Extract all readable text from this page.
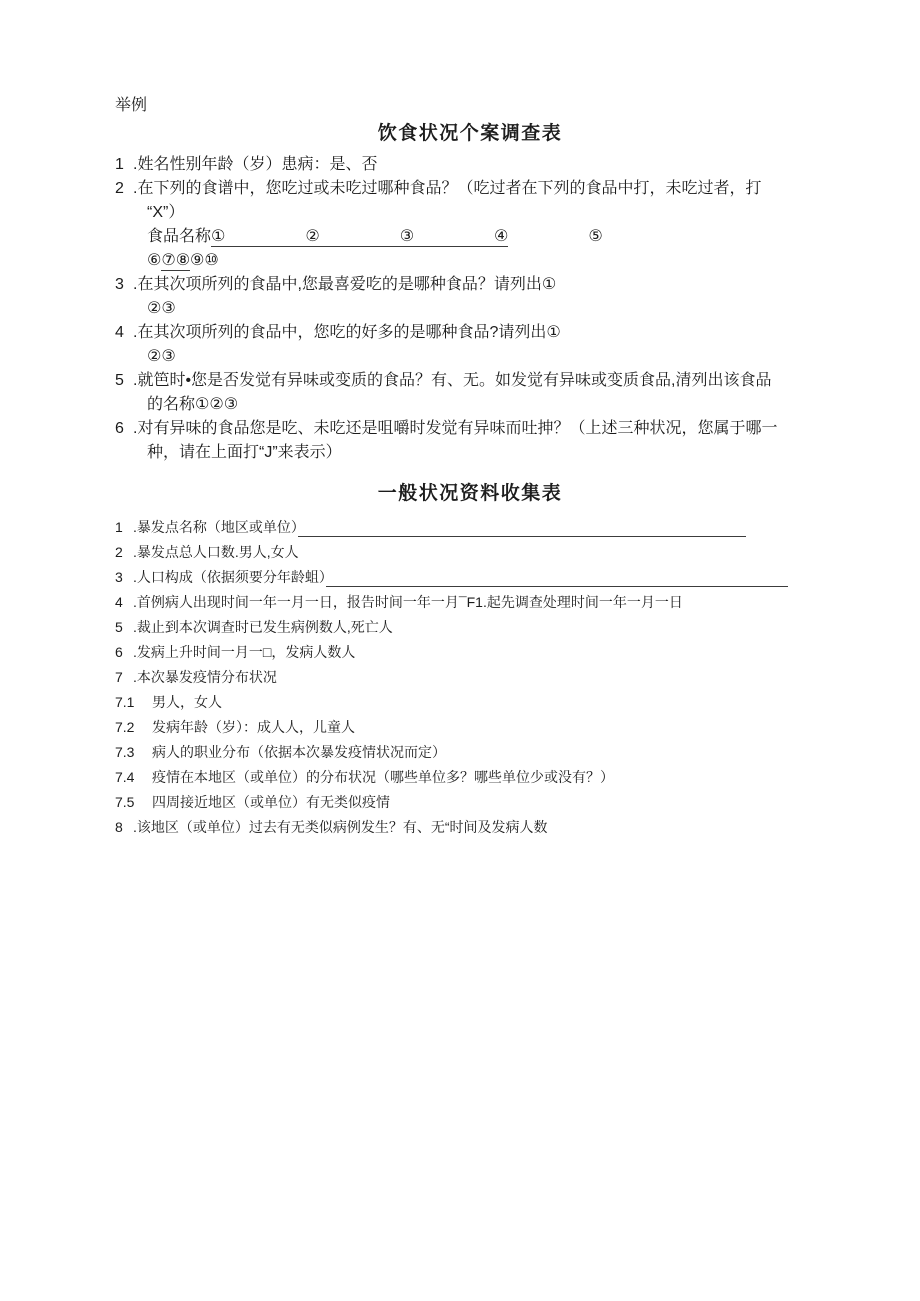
举例
饮食状况个案调查表
1 .姓名性别年龄（岁）患病：是、否
2 .在下列的食谱中，您吃过或未吃过哪种食品？（吃过者在下列的食品中打，未吃过者，打
“X”）
食品名称①　　　　　②　　　　　③　　　　　④　　　　　⑤
⑥⑦⑧⑨⑩
3 .在其次项所列的食晶中,您最喜爱吃的是哪种食品？请列出①
②③
4 .在其次项所列的食品中，您吃的好多的是哪种食品?请列出①
②③
5 .就笆时•您是否发觉有异味或变质的食品？有、无。如发觉有异味或变质食品,清列出该食品
的名称①②③
6 .对有异味的食品您是吃、未吃还是咀嚼时发觉有异味而吐抻？（上述三种状况，您属于哪一
种，请在上面打“J”来表示）
一般状况资料收集表
1 .暴发点名称（地区或单位）　　　　　　　　　　　　　　　　　　　　　　　　　　　　　　　　
2 .暴发点总人口数.男人,女人
3 .人口构成（依据须要分年龄蛆）　　　　　　　　　　　　　　　　　　　　　　　　　　　　　　　　　
4 .首例病人出现时间一年一月一日，报告时间一年一月¯F1.起先调查处理时间一年一月一日
5 .裁止到本次调查时已发生病例数人,死亡人
6 .发病上升时间一月一□，发病人数人
7 .本次暴发疫情分布状况
7.1 男人，女人
7.2 发病年龄（岁）：成人人，儿童人
7.3 病人的职业分布（依据本次暴发疫情状况而定）
7.4 疫情在本地区（或单位）的分布状况（哪些单位多？哪些单位少或没有？）
7.5 四周接近地区（或单位）有无类似疫情
8 .该地区（或单位）过去有无类似病例发生？有、无“时间及发病人数
